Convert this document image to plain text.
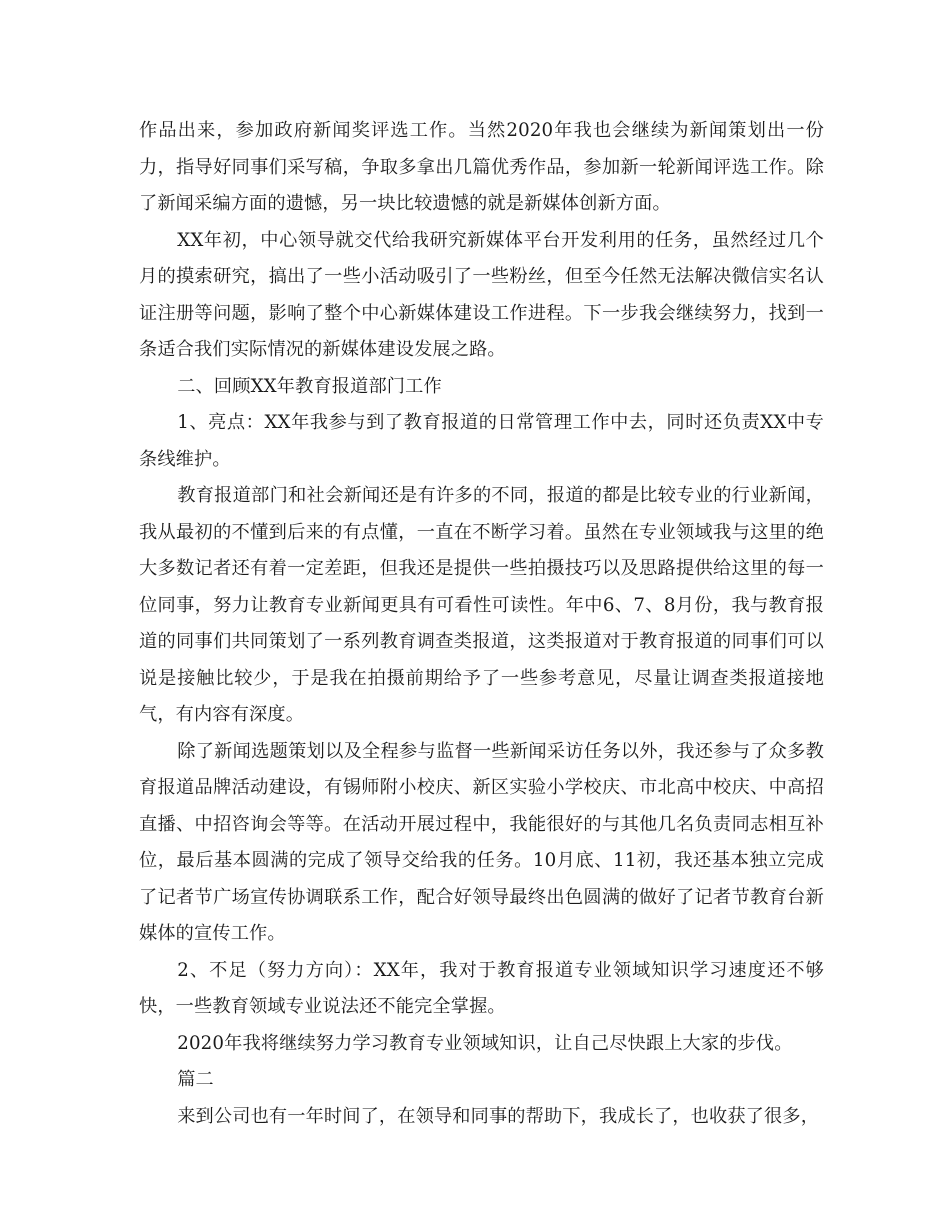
作品出来，参加政府新闻奖评选工作。当然2020年我也会继续为新闻策划出一份力，指导好同事们采写稿，争取多拿出几篇优秀作品，参加新一轮新闻评选工作。除了新闻采编方面的遗憾，另一块比较遗憾的就是新媒体创新方面。

XX年初，中心领导就交代给我研究新媒体平台开发利用的任务，虽然经过几个月的摸索研究，搞出了一些小活动吸引了一些粉丝，但至今任然无法解决微信实名认证注册等问题，影响了整个中心新媒体建设工作进程。下一步我会继续努力，找到一条适合我们实际情况的新媒体建设发展之路。

二、回顾XX年教育报道部门工作

1、亮点：XX年我参与到了教育报道的日常管理工作中去，同时还负责XX中专条线维护。

教育报道部门和社会新闻还是有许多的不同，报道的都是比较专业的行业新闻，我从最初的不懂到后来的有点懂，一直在不断学习着。虽然在专业领域我与这里的绝大多数记者还有着一定差距，但我还是提供一些拍摄技巧以及思路提供给这里的每一位同事，努力让教育专业新闻更具有可看性可读性。年中6、7、8月份，我与教育报道的同事们共同策划了一系列教育调查类报道，这类报道对于教育报道的同事们可以说是接触比较少，于是我在拍摄前期给予了一些参考意见，尽量让调查类报道接地气，有内容有深度。

除了新闻选题策划以及全程参与监督一些新闻采访任务以外，我还参与了众多教育报道品牌活动建设，有锡师附小校庆、新区实验小学校庆、市北高中校庆、中高招直播、中招咨询会等等。在活动开展过程中，我能很好的与其他几名负责同志相互补位，最后基本圆满的完成了领导交给我的任务。10月底、11初，我还基本独立完成了记者节广场宣传协调联系工作，配合好领导最终出色圆满的做好了记者节教育台新媒体的宣传工作。

2、不足（努力方向）：XX年，我对于教育报道专业领域知识学习速度还不够快，一些教育领域专业说法还不能完全掌握。

2020年我将继续努力学习教育专业领域知识，让自己尽快跟上大家的步伐。

篇二

来到公司也有一年时间了，在领导和同事的帮助下，我成长了，也收获了很多，
